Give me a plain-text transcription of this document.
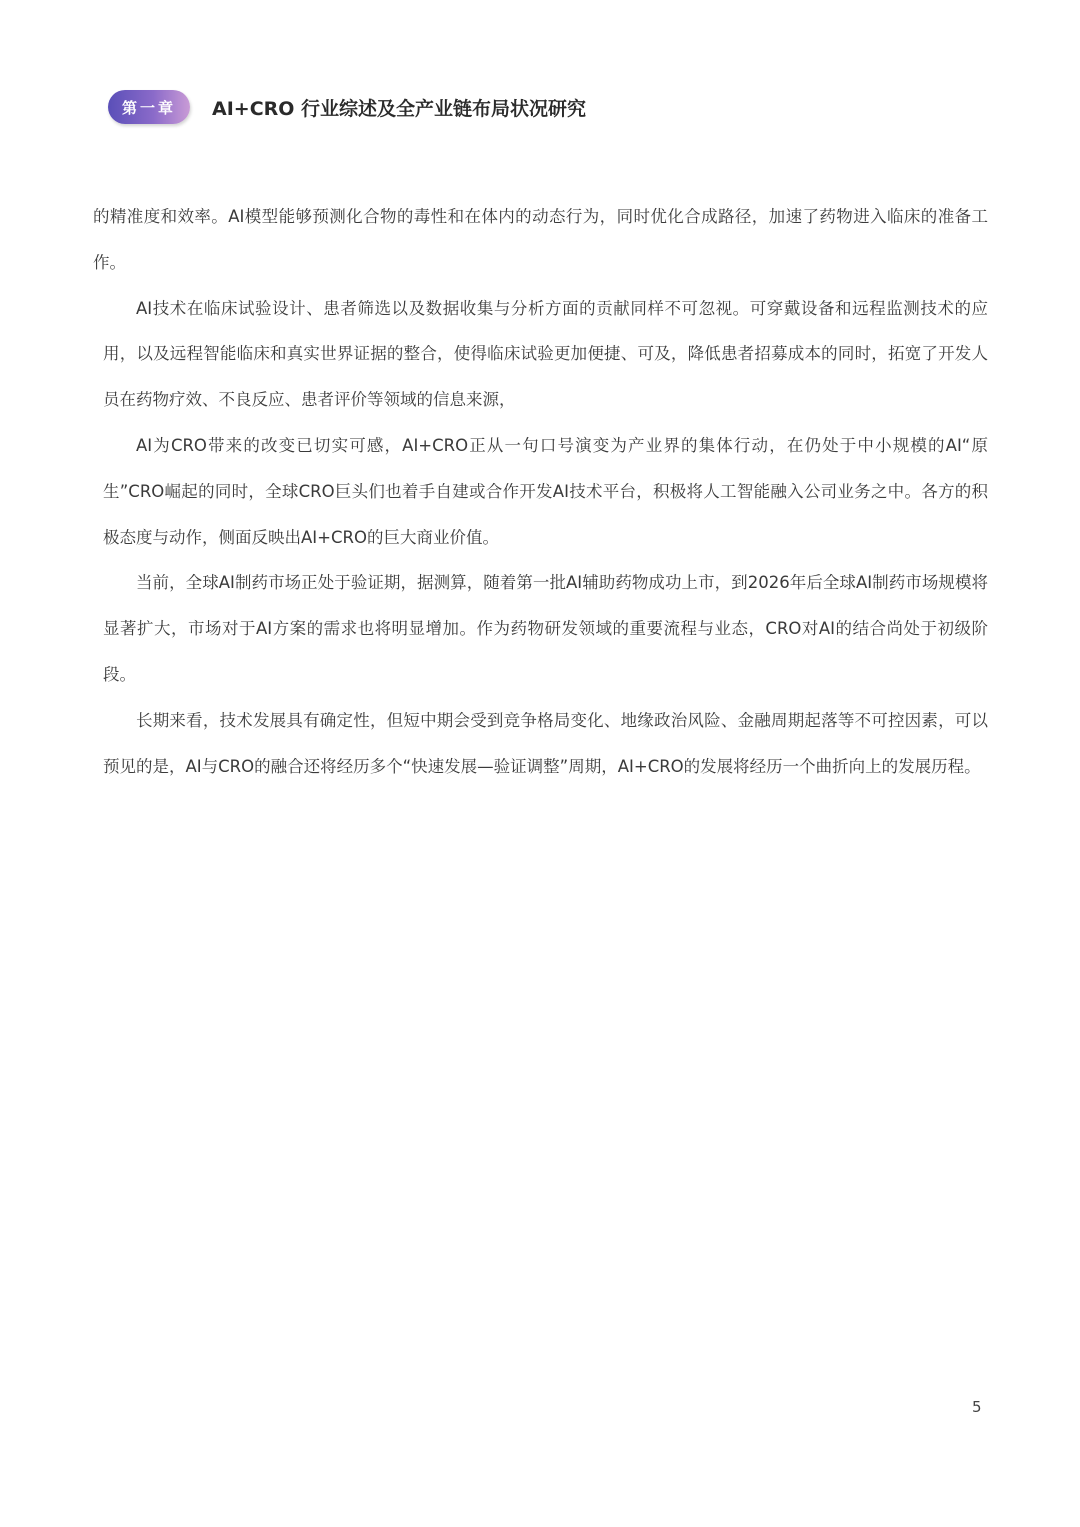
第一章	AI+CRO 行业综述及全产业链布局状况研究

的精准度和效率。AI模型能够预测化合物的毒性和在体内的动态行为，同时优化合成路径，加速了药物进入临床的准备工作。

AI技术在临床试验设计、患者筛选以及数据收集与分析方面的贡献同样不可忽视。可穿戴设备和远程监测技术的应用，以及远程智能临床和真实世界证据的整合，使得临床试验更加便捷、可及，降低患者招募成本的同时，拓宽了开发人员在药物疗效、不良反应、患者评价等领域的信息来源，

AI为CRO带来的改变已切实可感，AI+CRO正从一句口号演变为产业界的集体行动，在仍处于中小规模的AI“原生”CRO崛起的同时，全球CRO巨头们也着手自建或合作开发AI技术平台，积极将人工智能融入公司业务之中。各方的积极态度与动作，侧面反映出AI+CRO的巨大商业价值。

当前，全球AI制药市场正处于验证期，据测算，随着第一批AI辅助药物成功上市，到2026年后全球AI制药市场规模将显著扩大，市场对于AI方案的需求也将明显增加。作为药物研发领域的重要流程与业态，CRO对AI的结合尚处于初级阶段。

长期来看，技术发展具有确定性，但短中期会受到竞争格局变化、地缘政治风险、金融周期起落等不可控因素，可以预见的是，AI与CRO的融合还将经历多个“快速发展—验证调整”周期，AI+CRO的发展将经历一个曲折向上的发展历程。

5
